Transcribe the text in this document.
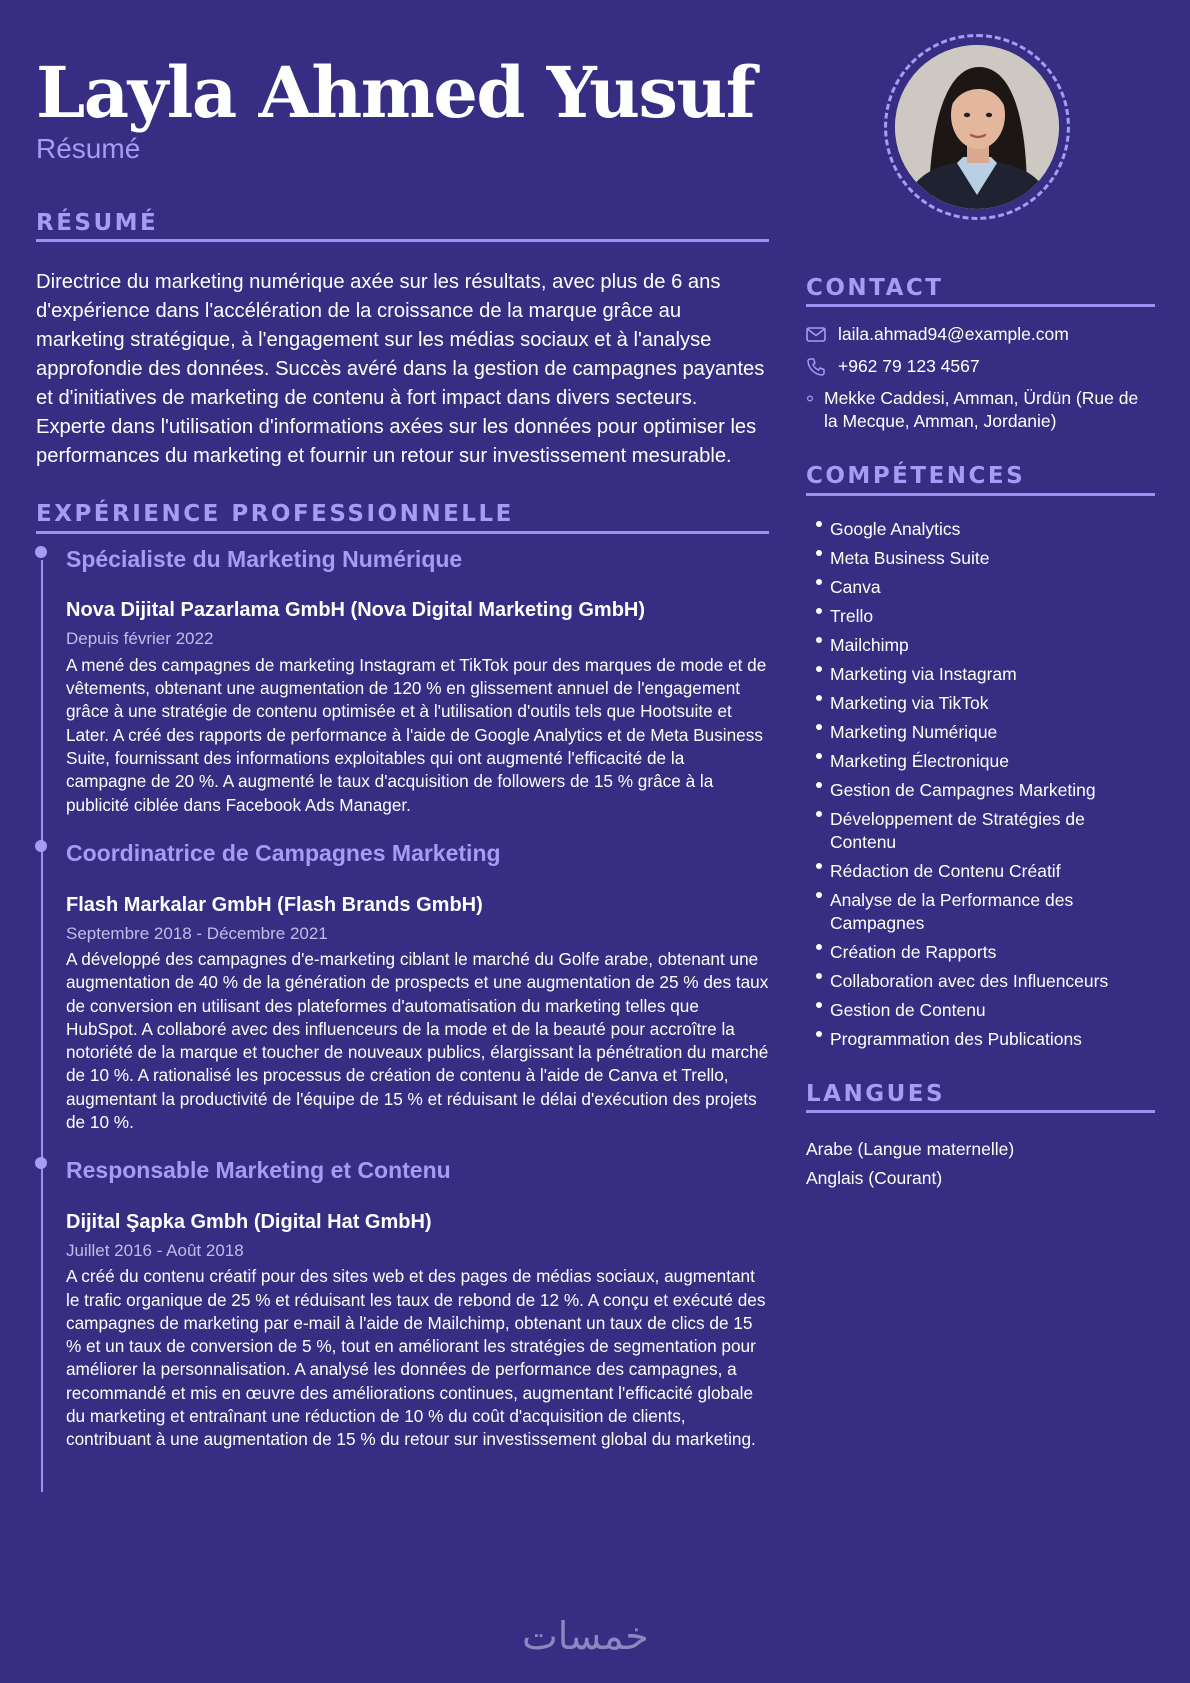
Layla Ahmed Yusuf

Résumé

RÉSUMÉ

Directrice du marketing numérique axée sur les résultats, avec plus de 6 ans d'expérience dans l'accélération de la croissance de la marque grâce au marketing stratégique, à l'engagement sur les médias sociaux et à l'analyse approfondie des données. Succès avéré dans la gestion de campagnes payantes et d'initiatives de marketing de contenu à fort impact dans divers secteurs. Experte dans l'utilisation d'informations axées sur les données pour optimiser les performances du marketing et fournir un retour sur investissement mesurable.

EXPÉRIENCE PROFESSIONNELLE

Spécialiste du Marketing Numérique

Nova Dijital Pazarlama GmbH (Nova Digital Marketing GmbH)

Depuis février 2022

A mené des campagnes de marketing Instagram et TikTok pour des marques de mode et de vêtements, obtenant une augmentation de 120 % en glissement annuel de l'engagement grâce à une stratégie de contenu optimisée et à l'utilisation d'outils tels que Hootsuite et Later. A créé des rapports de performance à l'aide de Google Analytics et de Meta Business Suite, fournissant des informations exploitables qui ont augmenté l'efficacité de la campagne de 20 %. A augmenté le taux d'acquisition de followers de 15 % grâce à la publicité ciblée dans Facebook Ads Manager.

Coordinatrice de Campagnes Marketing

Flash Markalar GmbH (Flash Brands GmbH)

Septembre 2018 - Décembre 2021

A développé des campagnes d'e-marketing ciblant le marché du Golfe arabe, obtenant une augmentation de 40 % de la génération de prospects et une augmentation de 25 % des taux de conversion en utilisant des plateformes d'automatisation du marketing telles que HubSpot. A collaboré avec des influenceurs de la mode et de la beauté pour accroître la notoriété de la marque et toucher de nouveaux publics, élargissant la pénétration du marché de 10 %. A rationalisé les processus de création de contenu à l'aide de Canva et Trello, augmentant la productivité de l'équipe de 15 % et réduisant le délai d'exécution des projets de 10 %.

Responsable Marketing et Contenu

Dijital Şapka Gmbh (Digital Hat GmbH)

Juillet 2016 - Août 2018

A créé du contenu créatif pour des sites web et des pages de médias sociaux, augmentant le trafic organique de 25 % et réduisant les taux de rebond de 12 %. A conçu et exécuté des campagnes de marketing par e-mail à l'aide de Mailchimp, obtenant un taux de clics de 15 % et un taux de conversion de 5 %, tout en améliorant les stratégies de segmentation pour améliorer la personnalisation. A analysé les données de performance des campagnes, a recommandé et mis en œuvre des améliorations continues, augmentant l'efficacité globale du marketing et entraînant une réduction de 10 % du coût d'acquisition de clients, contribuant à une augmentation de 15 % du retour sur investissement global du marketing.

CONTACT
laila.ahmad94@example.com
+962 79 123 4567
Mekke Caddesi, Amman, Ürdün (Rue de la Mecque, Amman, Jordanie)
COMPÉTENCES
Google Analytics
Meta Business Suite
Canva
Trello
Mailchimp
Marketing via Instagram
Marketing via TikTok
Marketing Numérique
Marketing Électronique
Gestion de Campagnes Marketing
Développement de Stratégies de Contenu
Rédaction de Contenu Créatif
Analyse de la Performance des Campagnes
Création de Rapports
Collaboration avec des Influenceurs
Gestion de Contenu
Programmation des Publications
LANGUES
Arabe (Langue maternelle)
Anglais (Courant)
خمسات
